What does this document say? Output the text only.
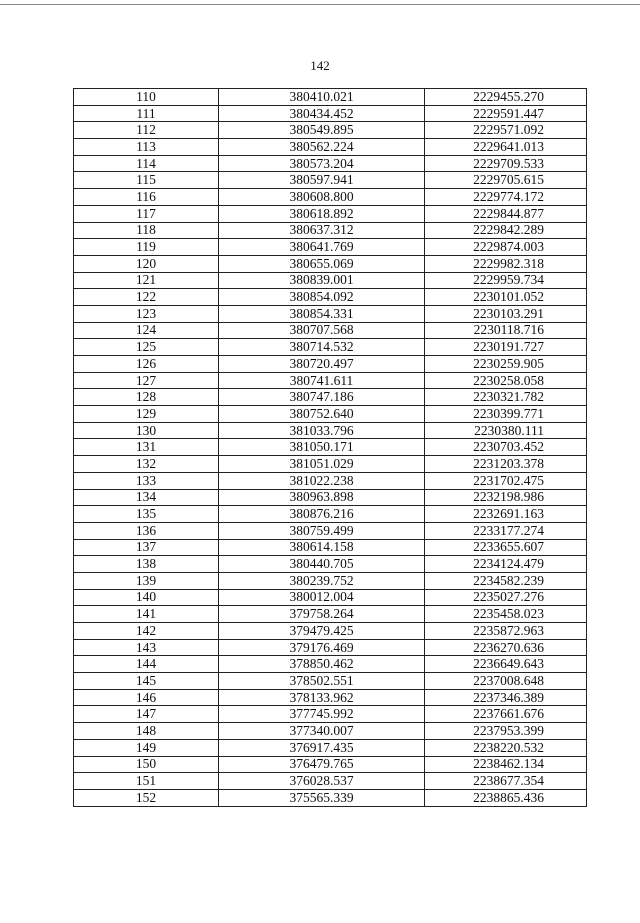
142
110	380410.021	2229455.270
111	380434.452	2229591.447
112	380549.895	2229571.092
113	380562.224	2229641.013
114	380573.204	2229709.533
115	380597.941	2229705.615
116	380608.800	2229774.172
117	380618.892	2229844.877
118	380637.312	2229842.289
119	380641.769	2229874.003
120	380655.069	2229982.318
121	380839.001	2229959.734
122	380854.092	2230101.052
123	380854.331	2230103.291
124	380707.568	2230118.716
125	380714.532	2230191.727
126	380720.497	2230259.905
127	380741.611	2230258.058
128	380747.186	2230321.782
129	380752.640	2230399.771
130	381033.796	2230380.111
131	381050.171	2230703.452
132	381051.029	2231203.378
133	381022.238	2231702.475
134	380963.898	2232198.986
135	380876.216	2232691.163
136	380759.499	2233177.274
137	380614.158	2233655.607
138	380440.705	2234124.479
139	380239.752	2234582.239
140	380012.004	2235027.276
141	379758.264	2235458.023
142	379479.425	2235872.963
143	379176.469	2236270.636
144	378850.462	2236649.643
145	378502.551	2237008.648
146	378133.962	2237346.389
147	377745.992	2237661.676
148	377340.007	2237953.399
149	376917.435	2238220.532
150	376479.765	2238462.134
151	376028.537	2238677.354
152	375565.339	2238865.436
